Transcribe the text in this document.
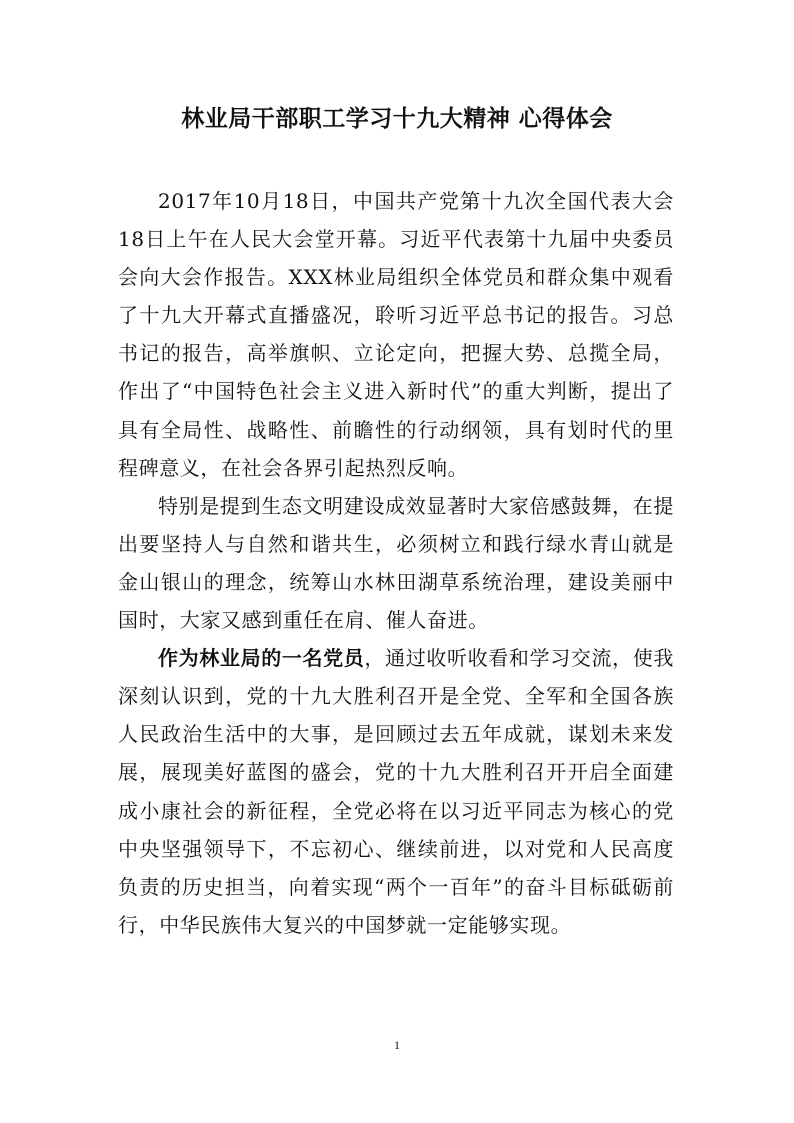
林业局干部职工学习十九大精神 心得体会

2017年10月18日，中国共产党第十九次全国代表大会18日上午在人民大会堂开幕。习近平代表第十九届中央委员会向大会作报告。XXX林业局组织全体党员和群众集中观看了十九大开幕式直播盛况，聆听习近平总书记的报告。习总书记的报告，高举旗帜、立论定向，把握大势、总揽全局，作出了“中国特色社会主义进入新时代”的重大判断，提出了具有全局性、战略性、前瞻性的行动纲领，具有划时代的里程碑意义，在社会各界引起热烈反响。

特别是提到生态文明建设成效显著时大家倍感鼓舞，在提出要坚持人与自然和谐共生，必须树立和践行绿水青山就是金山银山的理念，统筹山水林田湖草系统治理，建设美丽中国时，大家又感到重任在肩、催人奋进。

作为林业局的一名党员，通过收听收看和学习交流，使我深刻认识到，党的十九大胜利召开是全党、全军和全国各族人民政治生活中的大事，是回顾过去五年成就，谋划未来发展，展现美好蓝图的盛会，党的十九大胜利召开开启全面建成小康社会的新征程，全党必将在以习近平同志为核心的党中央坚强领导下，不忘初心、继续前进，以对党和人民高度负责的历史担当，向着实现“两个一百年”的奋斗目标砥砺前行，中华民族伟大复兴的中国梦就一定能够实现。

1
